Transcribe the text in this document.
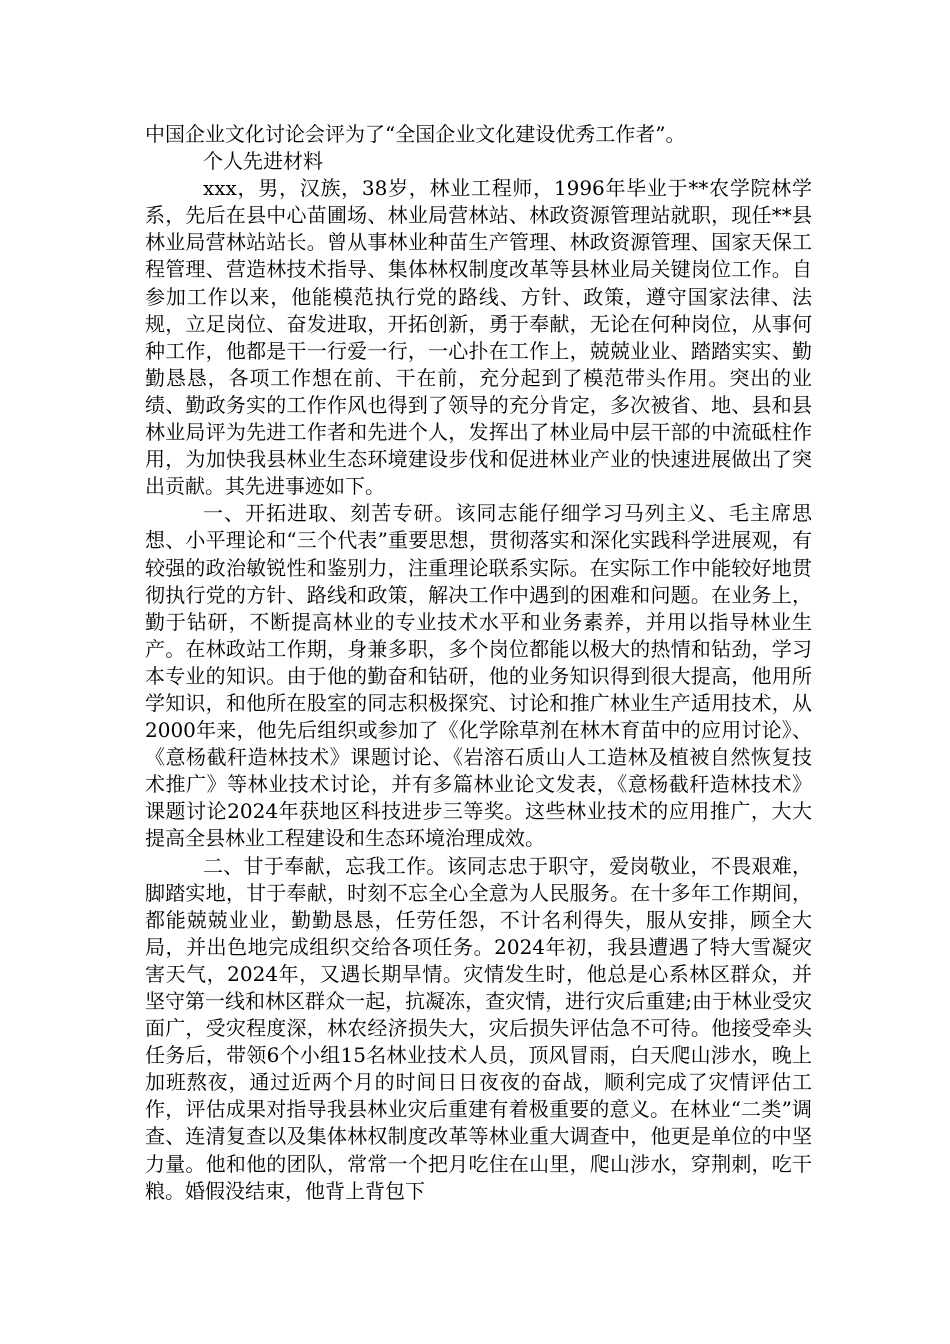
中国企业文化讨论会评为了“全国企业文化建设优秀工作者”。

个人先进材料

xxx，男，汉族，38岁，林业工程师，1996年毕业于**农学院林学系，先后在县中心苗圃场、林业局营林站、林政资源管理站就职，现任**县林业局营林站站长。曾从事林业种苗生产管理、林政资源管理、国家天保工程管理、营造林技术指导、集体林权制度改革等县林业局关键岗位工作。自参加工作以来，他能模范执行党的路线、方针、政策，遵守国家法律、法规，立足岗位、奋发进取，开拓创新，勇于奉献，无论在何种岗位，从事何种工作，他都是干一行爱一行，一心扑在工作上，兢兢业业、踏踏实实、勤勤恳恳，各项工作想在前、干在前，充分起到了模范带头作用。突出的业绩、勤政务实的工作作风也得到了领导的充分肯定，多次被省、地、县和县林业局评为先进工作者和先进个人，发挥出了林业局中层干部的中流砥柱作用，为加快我县林业生态环境建设步伐和促进林业产业的快速进展做出了突出贡献。其先进事迹如下。

一、开拓进取、刻苦专研。该同志能仔细学习马列主义、毛主席思想、小平理论和“三个代表”重要思想，贯彻落实和深化实践科学进展观，有较强的政治敏锐性和鉴别力，注重理论联系实际。在实际工作中能较好地贯彻执行党的方针、路线和政策，解决工作中遇到的困难和问题。在业务上，勤于钻研，不断提高林业的专业技术水平和业务素养，并用以指导林业生产。在林政站工作期，身兼多职，多个岗位都能以极大的热情和钻劲，学习本专业的知识。由于他的勤奋和钻研，他的业务知识得到很大提高，他用所学知识，和他所在股室的同志积极探究、讨论和推广林业生产适用技术，从2000年来，他先后组织或参加了《化学除草剂在林木育苗中的应用讨论》、《意杨截秆造林技术》课题讨论、《岩溶石质山人工造林及植被自然恢复技术推广》等林业技术讨论，并有多篇林业论文发表，《意杨截秆造林技术》课题讨论2024年获地区科技进步三等奖。这些林业技术的应用推广，大大提高全县林业工程建设和生态环境治理成效。

二、甘于奉献，忘我工作。该同志忠于职守，爱岗敬业，不畏艰难，脚踏实地，甘于奉献，时刻不忘全心全意为人民服务。在十多年工作期间，都能兢兢业业，勤勤恳恳，任劳任怨，不计名利得失，服从安排，顾全大局，并出色地完成组织交给各项任务。2024年初，我县遭遇了特大雪凝灾害天气，2024年，又遇长期旱情。灾情发生时，他总是心系林区群众，并坚守第一线和林区群众一起，抗凝冻，查灾情，进行灾后重建;由于林业受灾面广，受灾程度深，林农经济损失大，灾后损失评估急不可待。他接受牵头任务后，带领6个小组15名林业技术人员，顶风冒雨，白天爬山涉水，晚上加班熬夜，通过近两个月的时间日日夜夜的奋战，顺利完成了灾情评估工作，评估成果对指导我县林业灾后重建有着极重要的意义。在林业“二类”调查、连清复查以及集体林权制度改革等林业重大调查中，他更是单位的中坚力量。他和他的团队，常常一个把月吃住在山里，爬山涉水，穿荆刺，吃干粮。婚假没结束，他背上背包下
